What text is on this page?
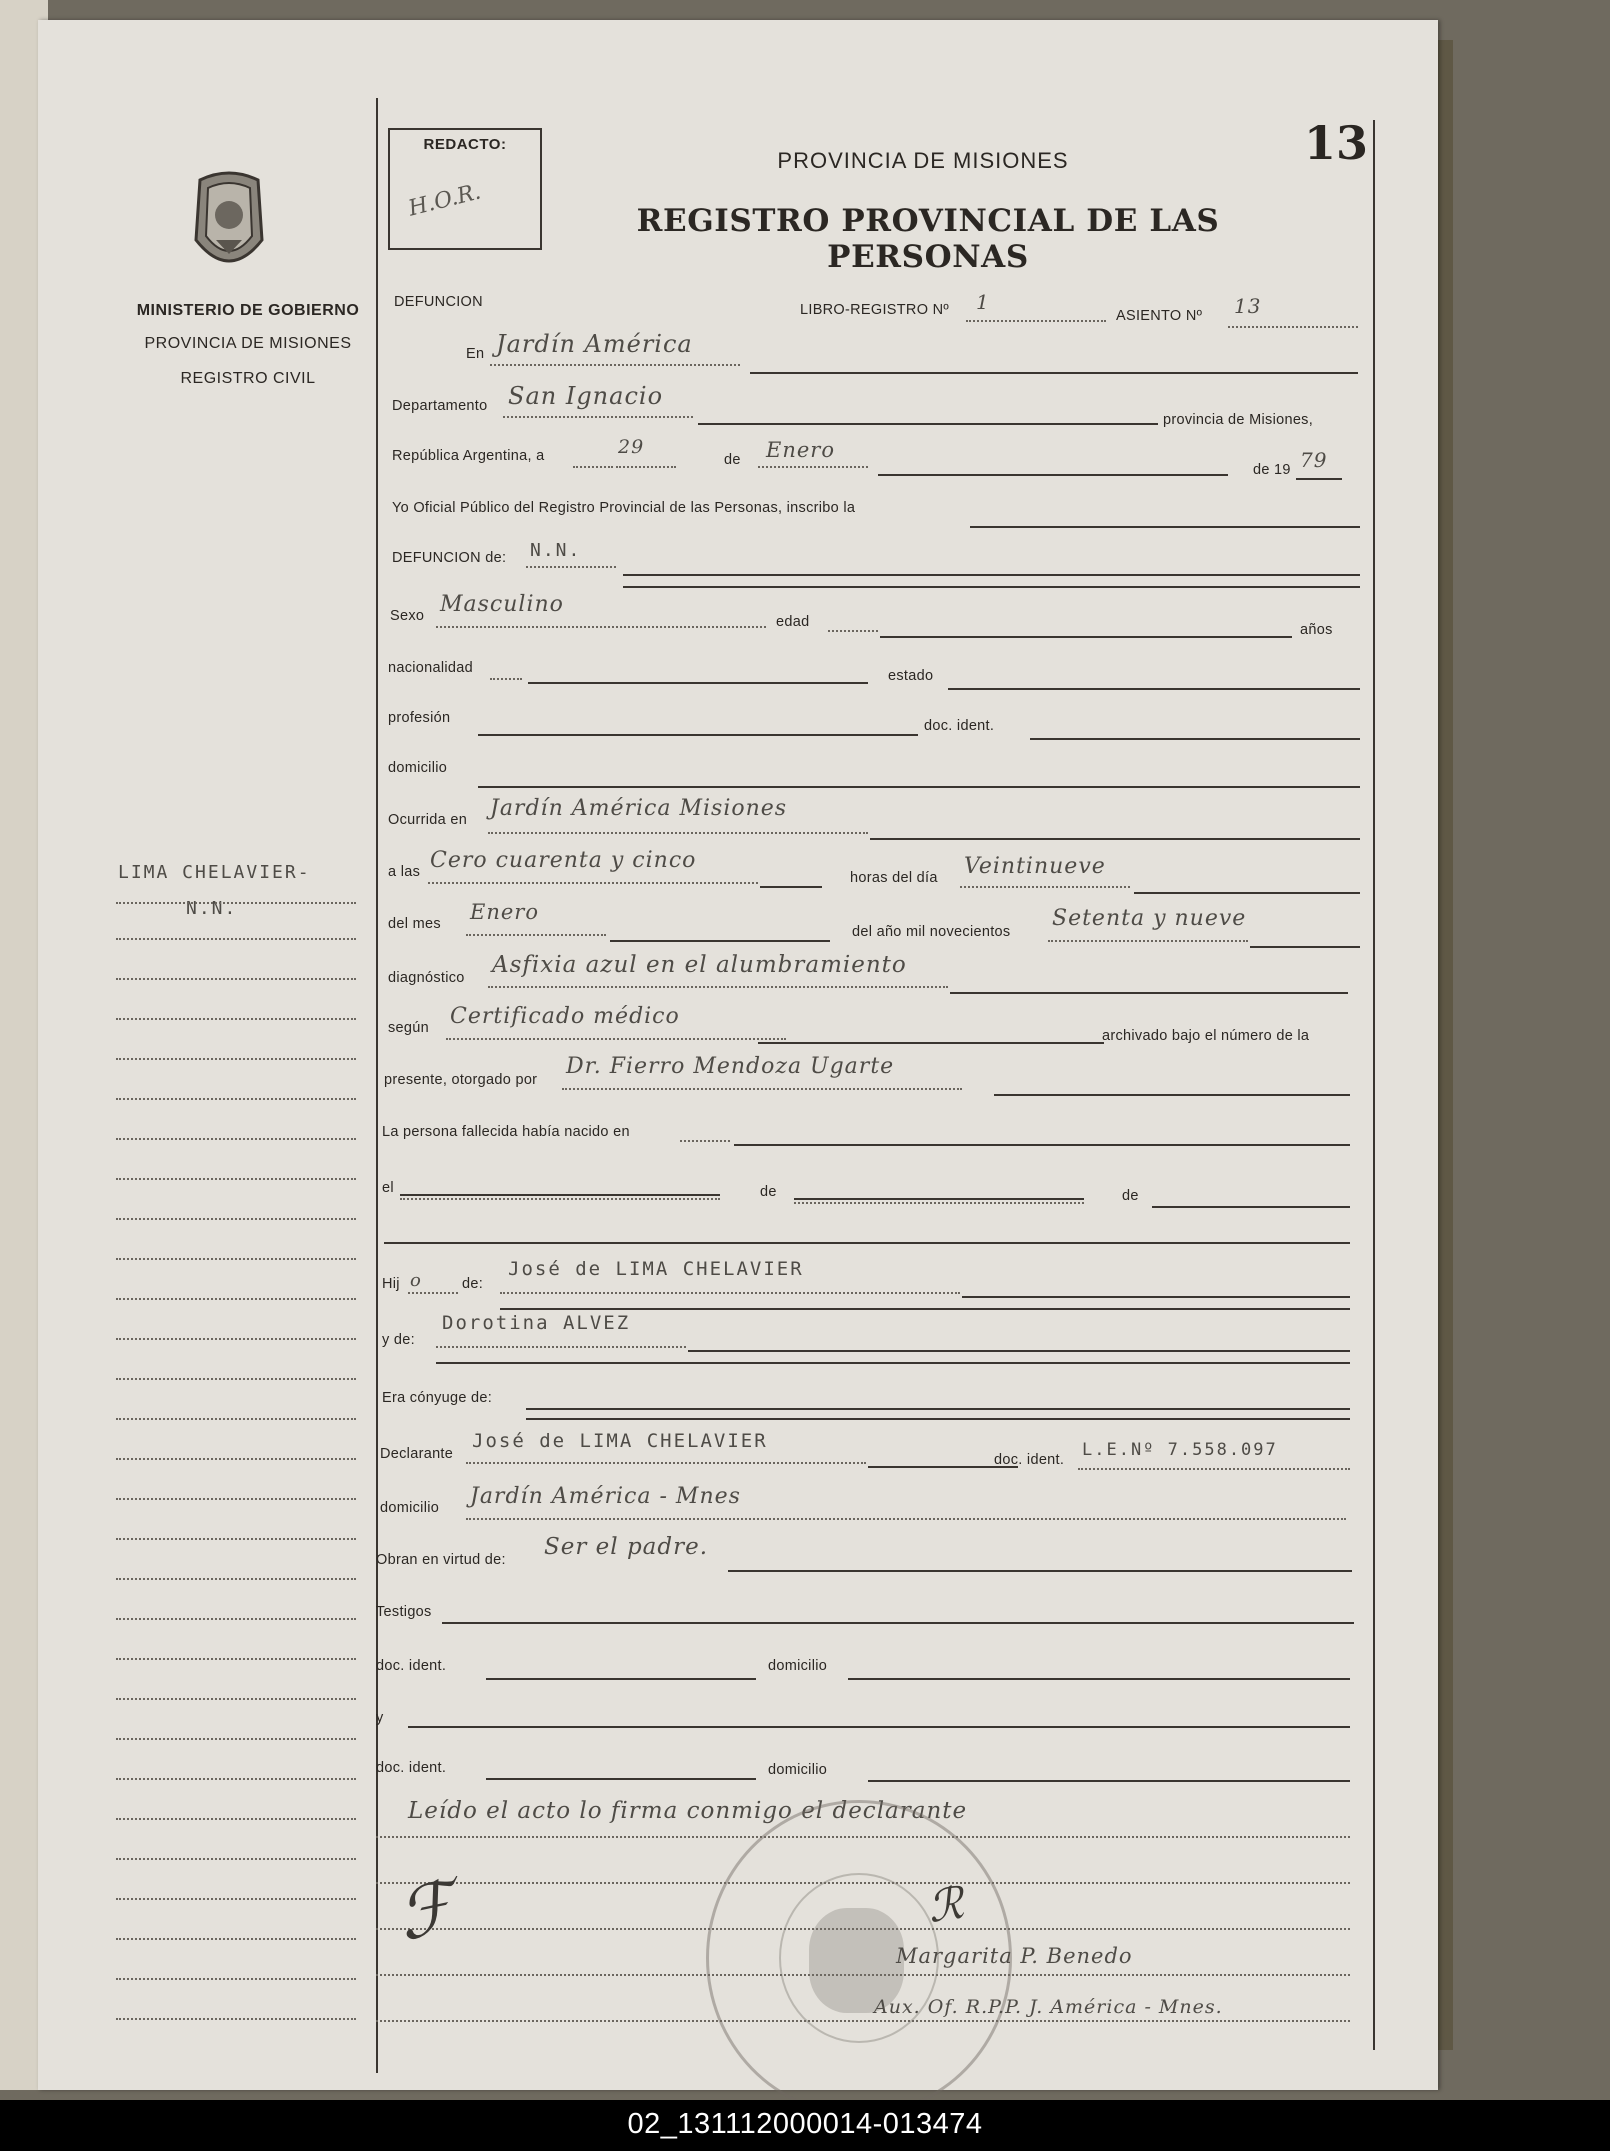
13
REDACTO:
H.O.R.
PROVINCIA DE MISIONES
REGISTRO PROVINCIAL DE LAS PERSONAS
MINISTERIO DE GOBIERNO
PROVINCIA DE MISIONES
REGISTRO CIVIL
LIMA CHELAVIER-
N.N.
DEFUNCION	LIBRO-REGISTRO Nº 1
ASIENTO Nº 13
En Jardín América
Departamento San Ignacio
provincia de Misiones,
República Argentina, a	29
de Enero
de 19 79
Yo Oficial Público del Registro Provincial de las Personas, inscribo la
DEFUNCION de: N.N.
Sexo Masculino
edad	años
nacionalidad	estado
profesión	doc. ident.
domicilio
Ocurrida en Jardín América Misiones
a las Cero cuarenta y cinco
horas del día Veintinueve
del mes Enero
del año mil novecientos
Setenta y nueve
diagnóstico Asfixia azul en el alumbramiento
según Certificado médico
archivado bajo el número de la
presente, otorgado por
Dr. Fierro Mendoza Ugarte
La persona fallecida había nacido en
el	de	de
Hij o	de:
José de LIMA CHELAVIER
y de:
Dorotina ALVEZ
Era cónyuge de:
Declarante
José de LIMA CHELAVIER
doc. ident. L.E.Nº 7.558.097
domicilio Jardín América - Mnes
Obran en virtud de: Ser el padre.
Testigos
doc. ident.	domicilio
y
doc. ident.	domicilio
Leído el acto lo firma conmigo el declarante
ℱ	ℛ
Margarita P. Benedo
Aux. Of. R.P.P. J. América - Mnes.
02_131112000014-013474
